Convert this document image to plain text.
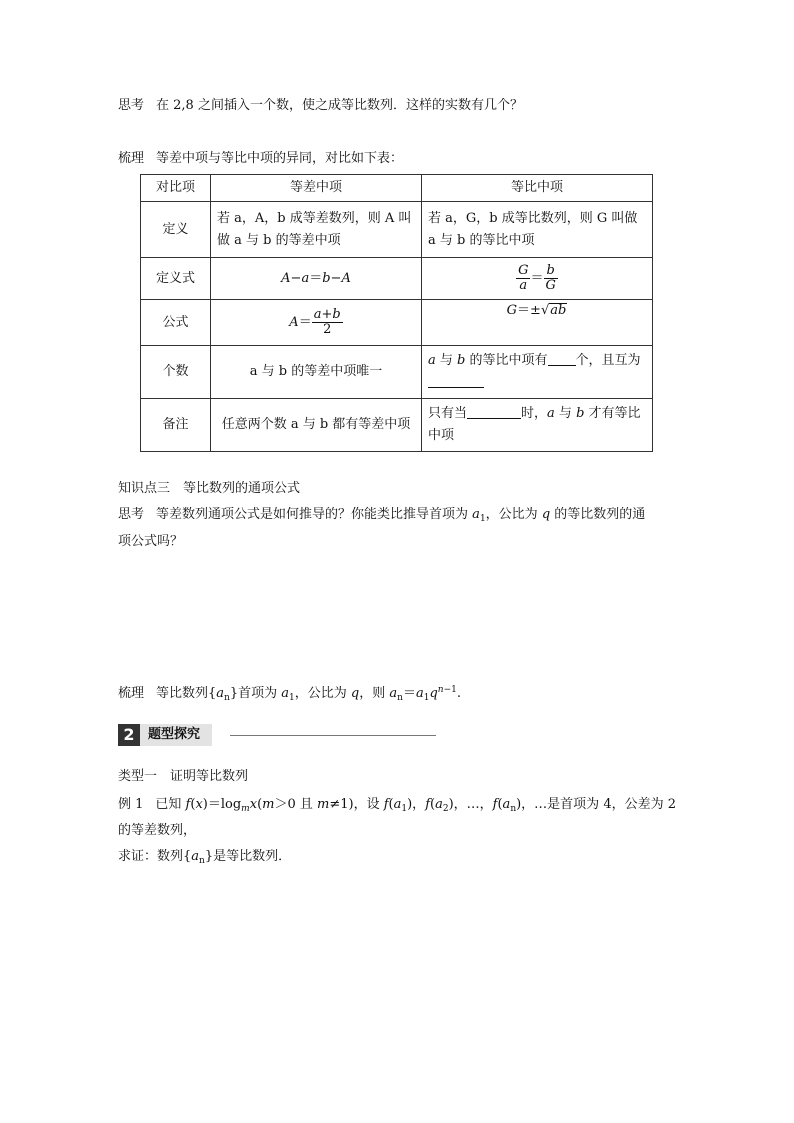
思考 在 2,8 之间插入一个数，使之成等比数列．这样的实数有几个？
梳理 等差中项与等比中项的异同，对比如下表：
对比项	等差中项	等比中项
定义	若 a，A，b 成等差数列，则 A 叫做 a 与 b 的等差中项	若 a，G，b 成等比数列，则 G 叫做 a 与 b 的等比中项
定义式	A−a＝b−A	$\frac{G}{a} = \frac{b}{G}$

公式	$A= \frac{a+b}{2}$	G＝±√ab
个数	a 与 b 的等差中项唯一	a 与 b 的等比中项有 个，且互为

备注	任意两个数 a 与 b 都有等差中项	只有当 时，a 与 b 才有等比
中项
知识点三　等比数列的通项公式
思考 等差数列通项公式是如何推导的？你能类比推导首项为 $a_1$，公比为 q 的等比数列的通
项公式吗？
梳理 等比数列$\{a_n\}$首项为 $a_1$，公比为 q，则 $a_n=a_1q^{n-1}$.
2	题型探究
类型一　证明等比数列
例 1 已知 $f(x)=\log_mx(m>0$ 且 m≠1)，设 $f(a_1)$，$f(a_2)$，…，$f(a_n)$，…是首项为 4，公差为 2
的等差数列，
求证：数列$\{a_n\}$是等比数列．
